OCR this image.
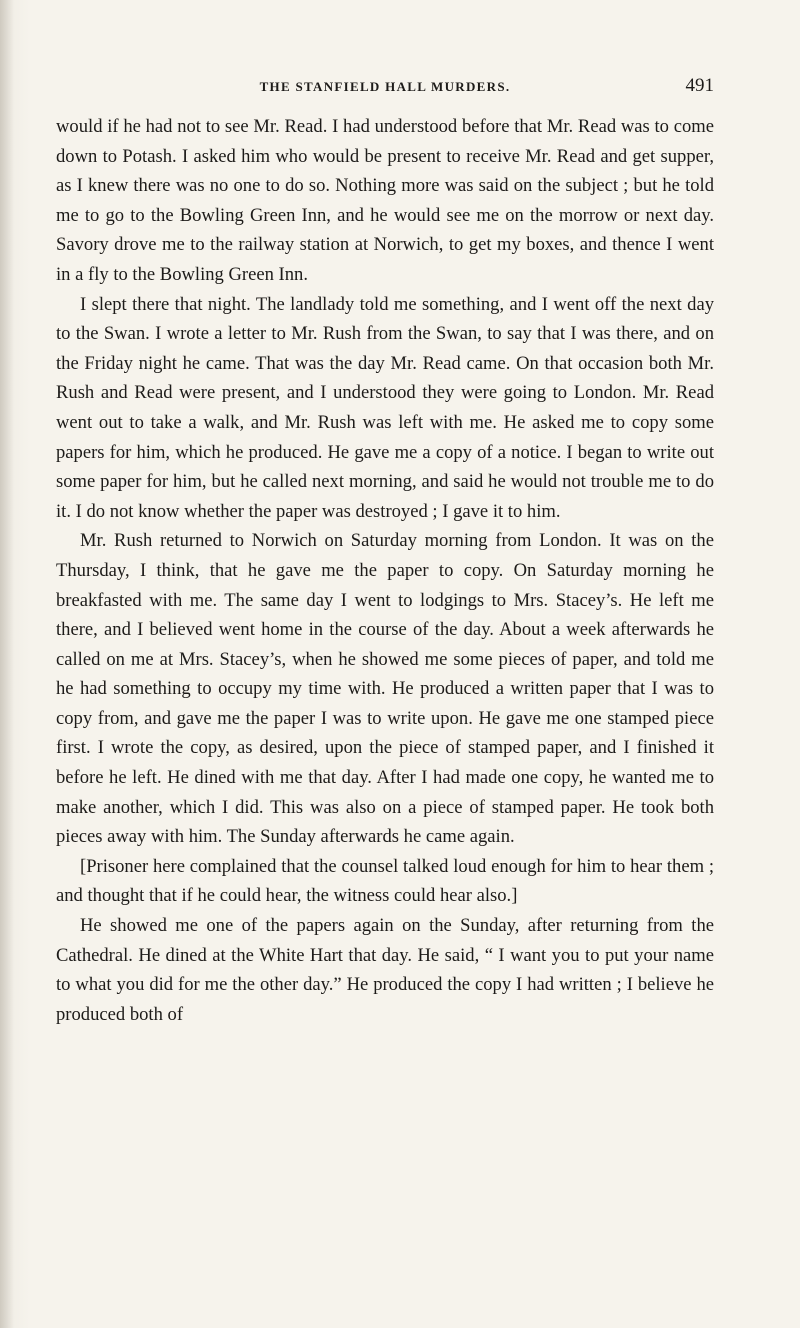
THE STANFIELD HALL MURDERS.	491

would if he had not to see Mr. Read. I had understood before that Mr. Read was to come down to Potash. I asked him who would be present to receive Mr. Read and get supper, as I knew there was no one to do so. Nothing more was said on the subject ; but he told me to go to the Bowling Green Inn, and he would see me on the morrow or next day. Savory drove me to the railway station at Norwich, to get my boxes, and thence I went in a fly to the Bowling Green Inn.

I slept there that night. The landlady told me something, and I went off the next day to the Swan. I wrote a letter to Mr. Rush from the Swan, to say that I was there, and on the Friday night he came. That was the day Mr. Read came. On that occasion both Mr. Rush and Read were present, and I understood they were going to London. Mr. Read went out to take a walk, and Mr. Rush was left with me. He asked me to copy some papers for him, which he produced. He gave me a copy of a notice. I began to write out some paper for him, but he called next morning, and said he would not trouble me to do it. I do not know whether the paper was destroyed ; I gave it to him.

Mr. Rush returned to Norwich on Saturday morning from London. It was on the Thursday, I think, that he gave me the paper to copy. On Saturday morning he breakfasted with me. The same day I went to lodgings to Mrs. Stacey’s. He left me there, and I believed went home in the course of the day. About a week afterwards he called on me at Mrs. Stacey’s, when he showed me some pieces of paper, and told me he had something to occupy my time with. He produced a written paper that I was to copy from, and gave me the paper I was to write upon. He gave me one stamped piece first. I wrote the copy, as desired, upon the piece of stamped paper, and I finished it before he left. He dined with me that day. After I had made one copy, he wanted me to make another, which I did. This was also on a piece of stamped paper. He took both pieces away with him. The Sunday afterwards he came again.

[Prisoner here complained that the counsel talked loud enough for him to hear them ; and thought that if he could hear, the witness could hear also.]

He showed me one of the papers again on the Sunday, after returning from the Cathedral. He dined at the White Hart that day. He said, “ I want you to put your name to what you did for me the other day.” He produced the copy I had written ; I believe he produced both of
